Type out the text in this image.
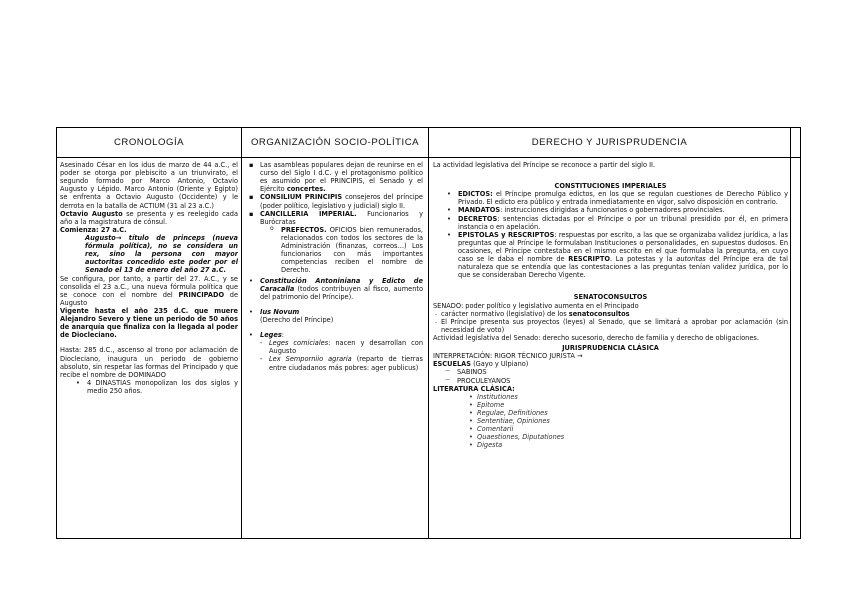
CRONOLOGÍA	ORGANIZACIÓN SOCIO-POLÍTICA	DERECHO Y JURISPRUDENCIA

Asesinado César en los idus de marzo de 44 a.C., el poder se otorga por plebiscito a un triunvirato, el segundo formado por Marco Antonio, Octavio Augusto y Lépido. Marco Antonio (Oriente y Egipto) se enfrenta a Octavio Augusto (Occidente) y le derrota en la batalla de ACTIUM (31 al 23 a.C.)

Octavio Augusto se presenta y es reelegido cada año a la magistratura de cónsul.

Comienza: 27 a.C.

Augusto→ título de princeps (nueva fórmula política), no se considera un rex, sino la persona con mayor auctoritas concedido este poder por el Senado el 13 de enero del año 27 a.C.

Se configura, por tanto, a partir del 27. A.C., y se consolida el 23 a.C., una nueva fórmula política que se conoce con el nombre del PRINCIPADO de Augusto

Vigente hasta el año 235 d.C. que muere Alejandro Severo y tiene un periodo de 50 años de anarquía que finaliza con la llegada al poder de Diocleciano.

Hasta: 285 d.C., ascenso al trono por aclamación de Diocleciano, inaugura un periodo de gobierno absoluto, sin respetar las formas del Principado y que recibe el nombre de DOMINADO

• 4 DINASTIAS monopolizan los dos siglos y medio 250 años.
▪ Las asambleas populares dejan de reunirse en el curso del Siglo I d.C. y el protagonismo político es asumido por el PRINCIPIS, el Senado y el Ejército concertes.
▪ CONSILIUM PRINCIPIS consejeros del príncipe (poder político, legislativo y judicial) siglo II.
▪ CANCILLERIA IMPERIAL. Funcionarios y Burócratas
o PREFECTOS. OFICIOS bien remunerados, relacionados con todos los sectores de la Administración (finanzas, correos…) Los funcionarios con más importantes competencias reciben el nombre de Derecho.
• Constitución Antoniniana y Edicto de Caracalla (todos contribuyen al fisco, aumento del patrimonio del Príncipe).
• Ius Novum
(Derecho del Príncipe)
• Leges:
- Leges comiciales: nacen y desarrollan con Augusto
- Lex Semporniio agraria (reparto de tierras entre ciudadanos más pobres: ager publicus)

La actividad legislativa del Príncipe se reconoce a partir del siglo II.

CONSTITUCIONES IMPERIALES

• EDICTOS: el Príncipe promulga edictos, en los que se regulan cuestiones de Derecho Público y Privado. El edicto era público y entrada inmediatamente en vigor, salvo disposición en contrario.
• MANDATOS: instrucciones dirigidas a funcionarios o gobernadores provinciales.
• DECRETOS: sentencias dictadas por el Príncipe o por un tribunal presidido por él, en primera instancia o en apelación.
• EPISTOLAS y RESCRIPTOS: respuestas por escrito, a las que se organizaba validez jurídica, a las preguntas que al Príncipe le formulaban Instituciones o personalidades, en supuestos dudosos. En ocasiones, el Príncipe contestaba en el mismo escrito en el que formulaba la pregunta, en cuyo caso se le daba el nombre de RESCRIPTO. La potestas y la autoritas del Príncipe era de tal naturaleza que se entendía que las contestaciones a las preguntas tenían validez jurídica, por lo que se consideraban Derecho Vigente.

SENATOCONSULTOS

SENADO: poder político y legislativo aumenta en el Principado

. carácter normativo (legislativo) de los senatoconsultos
. El Príncipe presenta sus proyectos (leyes) al Senado, que se limitará a aprobar por aclamación (sin necesidad de voto)

Actividad legislativa del Senado: derecho sucesorio, derecho de familia y derecho de obligaciones.

JURISPRUDENCIA CLÁSICA

INTERPRETACIÓN: RIGOR TÉCNICO JURISTA →

ESCUELAS (Gayo y Ulpiano)

— SABINOS
— PROCULEYANOS

LITERATURA CLÁSICA:

• Institutiones
• Epitome
• Regulae, Definitiones
• Sententiae, Opiniones
• Comentarii
• Quaestiones, Diputationes
• Digesta
